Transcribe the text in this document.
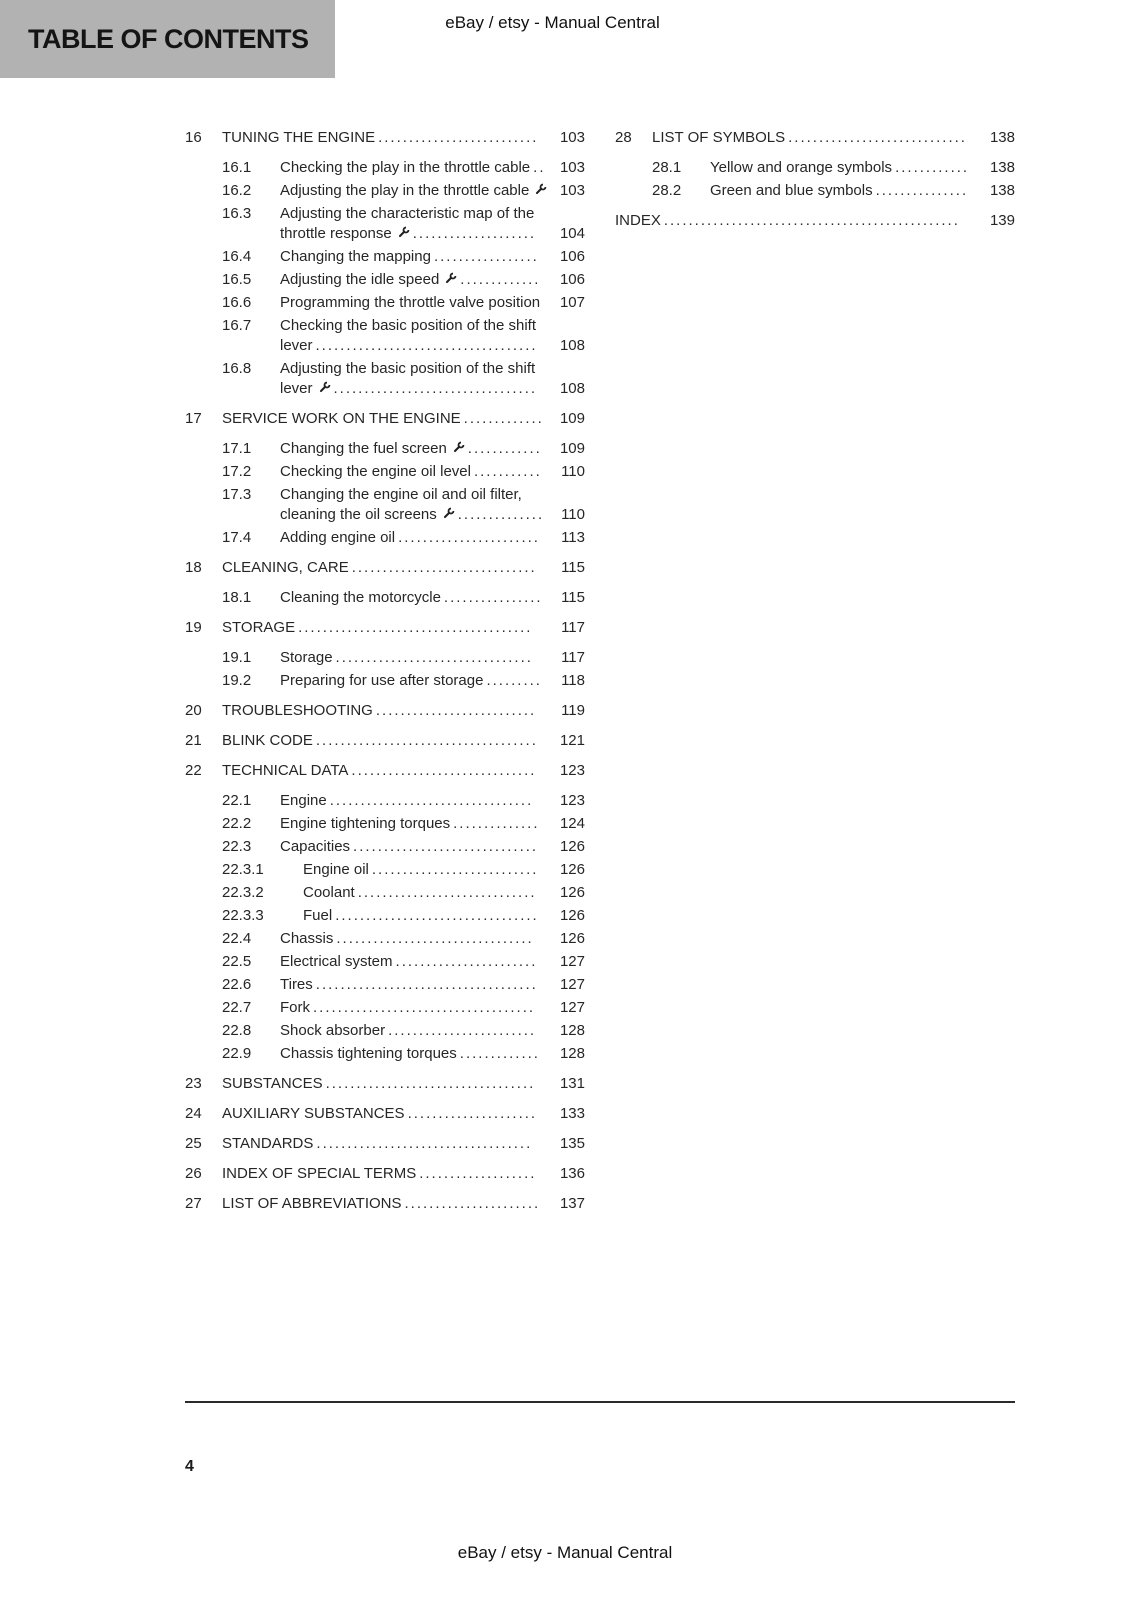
TABLE OF CONTENTS
eBay / etsy - Manual Central
16	TUNING THE ENGINE ..........................	103
16.1	Checking the play in the throttle cable .. 103
16.2	Adjusting the play in the throttle cable	103
16.3	Adjusting the characteristic map of the throttle response ....................	104
16.4	Changing the mapping .................	106
16.5	Adjusting the idle speed .............	106
16.6	Programming the throttle valve position	107
16.7	Checking the basic position of the shift lever ....................................	108
16.8	Adjusting the basic position of the shift lever .................................	108
17	SERVICE WORK ON THE ENGINE .............	109
17.1	Changing the fuel screen ............	109
17.2	Checking the engine oil level ...........	110
17.3	Changing the engine oil and oil filter, cleaning the oil screens ..............	110
17.4	Adding engine oil .......................	113
18	CLEANING, CARE ..............................	115
18.1	Cleaning the motorcycle ................	115
19	STORAGE ......................................	117
19.1	Storage ................................	117
19.2	Preparing for use after storage .........	118
20	TROUBLESHOOTING ..........................	119
21	BLINK CODE ....................................	121
22	TECHNICAL DATA ..............................	123
22.1	Engine .................................	123
22.2	Engine tightening torques ..............	124
22.3	Capacities ..............................	126
22.3.1	Engine oil ...........................	126
22.3.2	Coolant .............................	126
22.3.3	Fuel .................................	126
22.4	Chassis ................................	126
22.5	Electrical system .......................	127
22.6	Tires ....................................	127
22.7	Fork ....................................	127
22.8	Shock absorber ........................	128
22.9	Chassis tightening torques .............	128
23	SUBSTANCES ..................................	131
24	AUXILIARY SUBSTANCES .....................	133
25	STANDARDS ...................................	135
26	INDEX OF SPECIAL TERMS ...................	136
27	LIST OF ABBREVIATIONS ......................	137
28	LIST OF SYMBOLS .............................	138
28.1	Yellow and orange symbols ............	138
28.2	Green and blue symbols ...............	138
INDEX ................................................	139
4
eBay / etsy - Manual Central
